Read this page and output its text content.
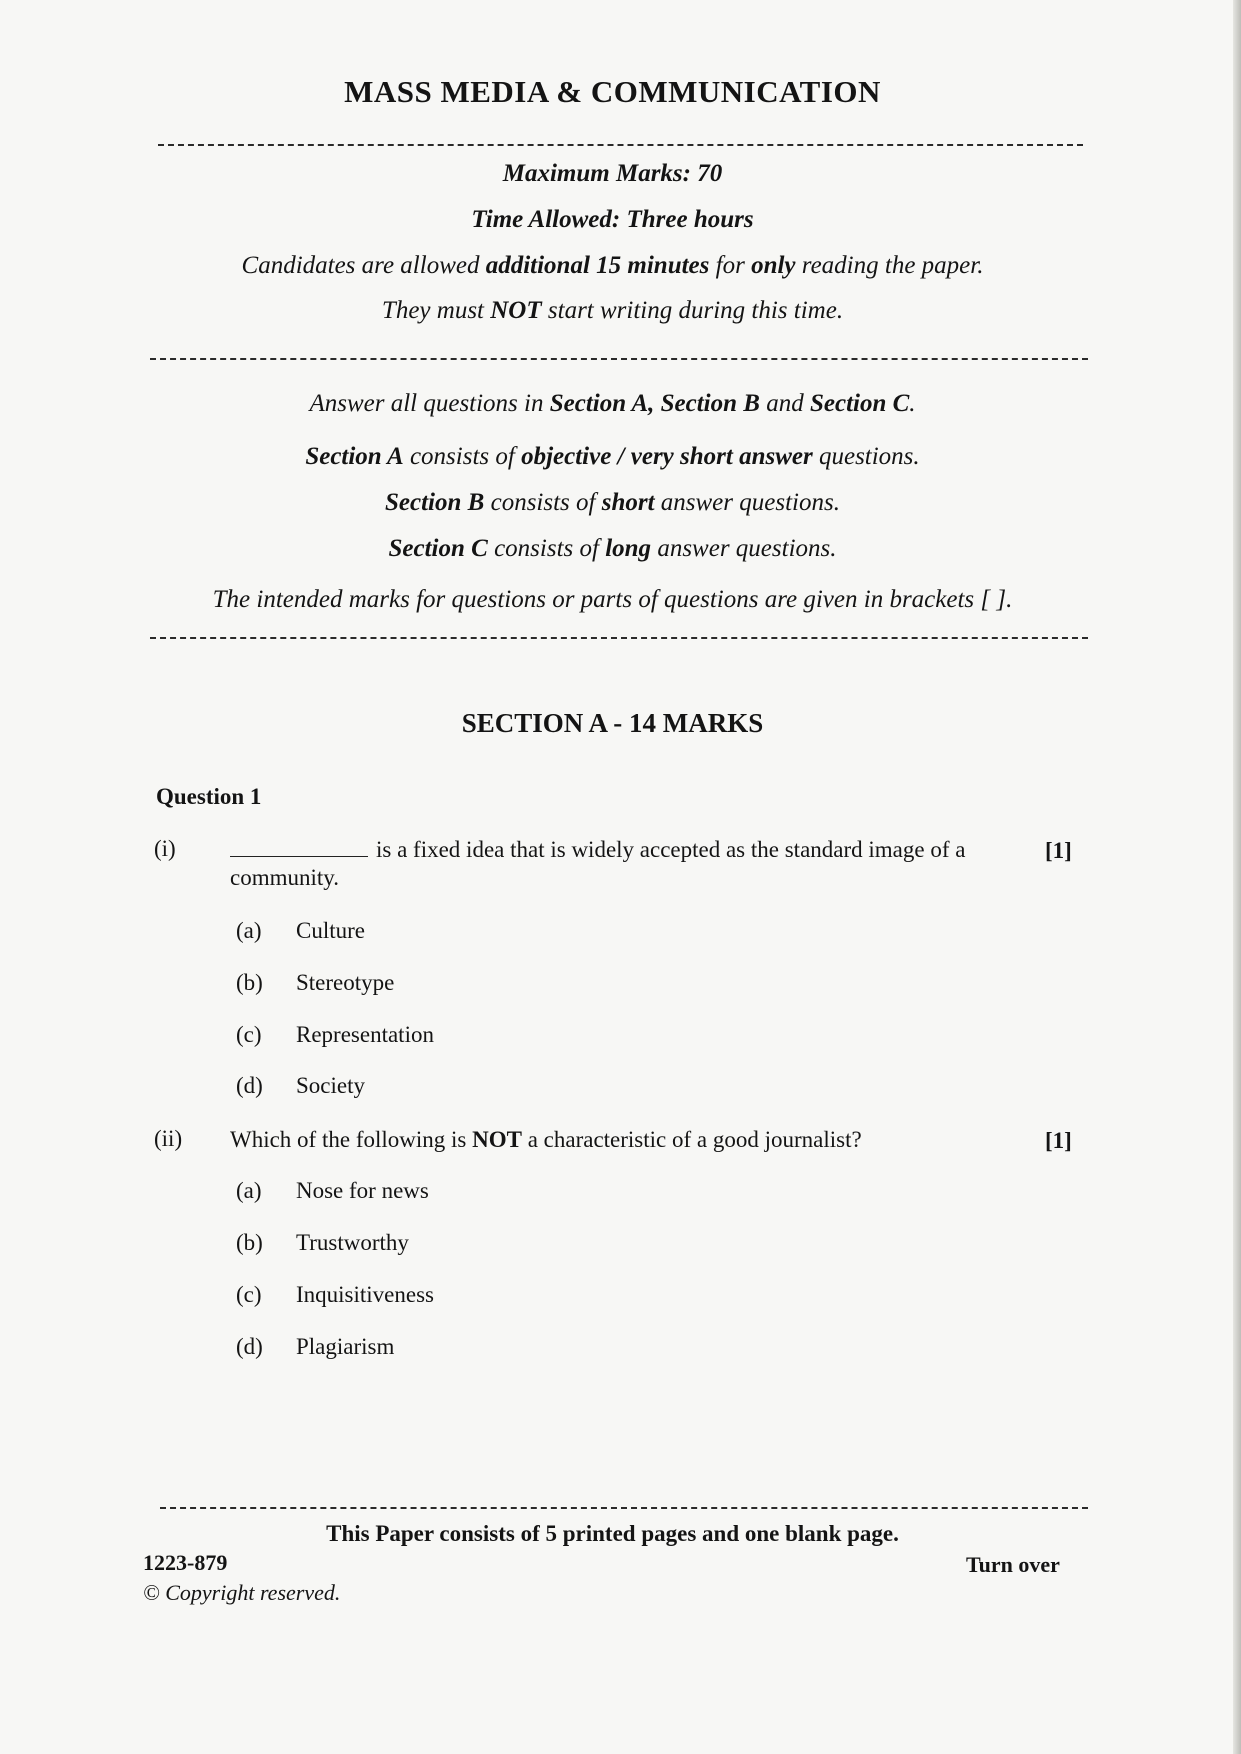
MASS MEDIA & COMMUNICATION
Maximum Marks: 70
Time Allowed: Three hours
Candidates are allowed additional 15 minutes for only reading the paper.
They must NOT start writing during this time.
Answer all questions in Section A, Section B and Section C.
Section A consists of objective / very short answer questions.
Section B consists of short answer questions.
Section C consists of long answer questions.
The intended marks for questions or parts of questions are given in brackets [ ].
SECTION A - 14 MARKS
Question 1
(i)	is a fixed idea that is widely accepted as the standard image of a community.
[1]
(a) Culture
(b) Stereotype
(c) Representation
(d) Society
(ii) Which of the following is NOT a characteristic of a good journalist?	[1]
(a) Nose for news
(b) Trustworthy
(c) Inquisitiveness
(d) Plagiarism
This Paper consists of 5 printed pages and one blank page.
1223-879
© Copyright reserved.
Turn over
